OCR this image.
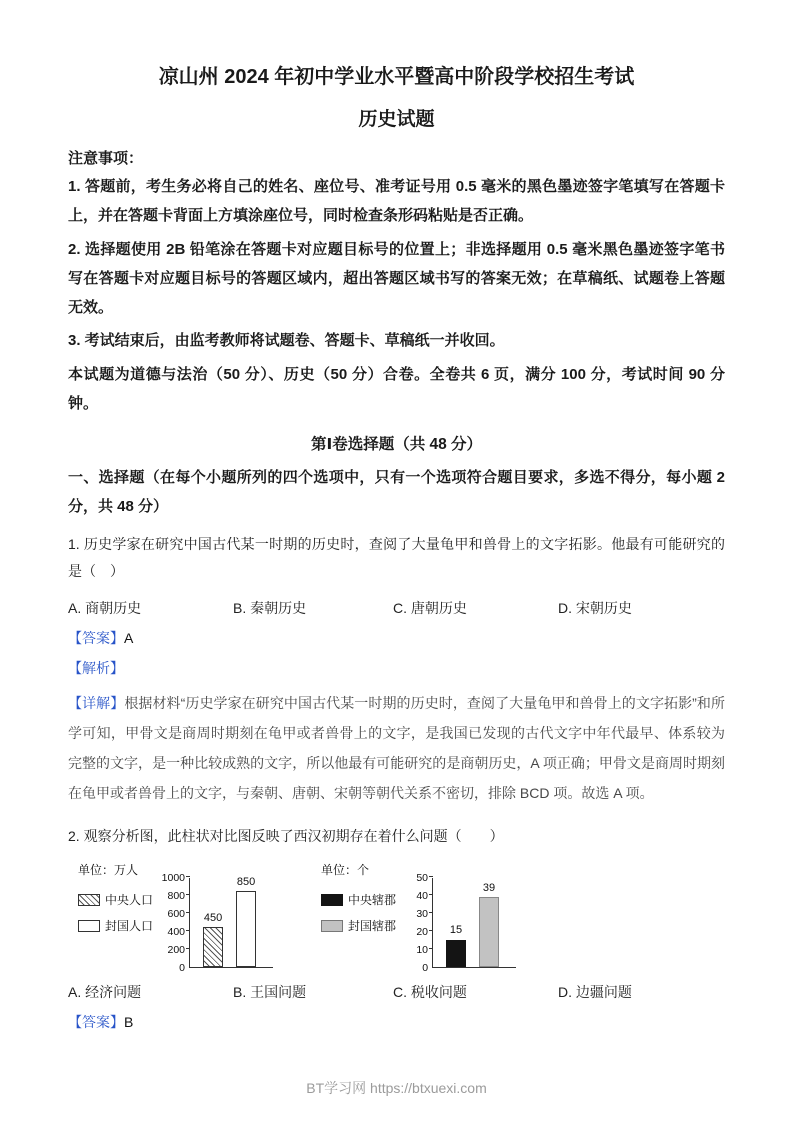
凉山州 2024 年初中学业水平暨高中阶段学校招生考试
历史试题
注意事项：

1. 答题前，考生务必将自己的姓名、座位号、准考证号用 0.5 毫米的黑色墨迹签字笔填写在答题卡上，并在答题卡背面上方填涂座位号，同时检查条形码粘贴是否正确。

2. 选择题使用 2B 铅笔涂在答题卡对应题目标号的位置上；非选择题用 0.5 毫米黑色墨迹签字笔书写在答题卡对应题目标号的答题区域内，超出答题区域书写的答案无效；在草稿纸、试题卷上答题无效。

3. 考试结束后，由监考教师将试题卷、答题卡、草稿纸一并收回。

本试题为道德与法治（50 分）、历史（50 分）合卷。全卷共 6 页，满分 100 分，考试时间 90 分钟。

第Ⅰ卷选择题（共 48 分）

一、选择题（在每个小题所列的四个选项中，只有一个选项符合题目要求，多选不得分，每小题 2 分，共 48 分）

1. 历史学家在研究中国古代某一时期的历史时，查阅了大量龟甲和兽骨上的文字拓影。他最有可能研究的是（　）

A. 商朝历史	B. 秦朝历史	C. 唐朝历史	D. 宋朝历史
【答案】A
【解析】

【详解】根据材料“历史学家在研究中国古代某一时期的历史时，查阅了大量龟甲和兽骨上的文字拓影”和所学可知，甲骨文是商周时期刻在龟甲或者兽骨上的文字，是我国已发现的古代文字中年代最早、体系较为完整的文字，是一种比较成熟的文字，所以他最有可能研究的是商朝历史，A 项正确；甲骨文是商周时期刻在龟甲或者兽骨上的文字，与秦朝、唐朝、宋朝等朝代关系不密切，排除 BCD 项。故选 A 项。

2. 观察分析图，此柱状对比图反映了西汉初期存在着什么问题（　　）

单位：万人
中央人口
封国人口
0
200
400
600
800
1000
450
850
单位：个
中央辖郡
封国辖郡
0
10
20
30
40
50
15
39
A. 经济问题	B. 王国问题	C. 税收问题	D. 边疆问题
【答案】B
BT学习网 https://btxuexi.com
